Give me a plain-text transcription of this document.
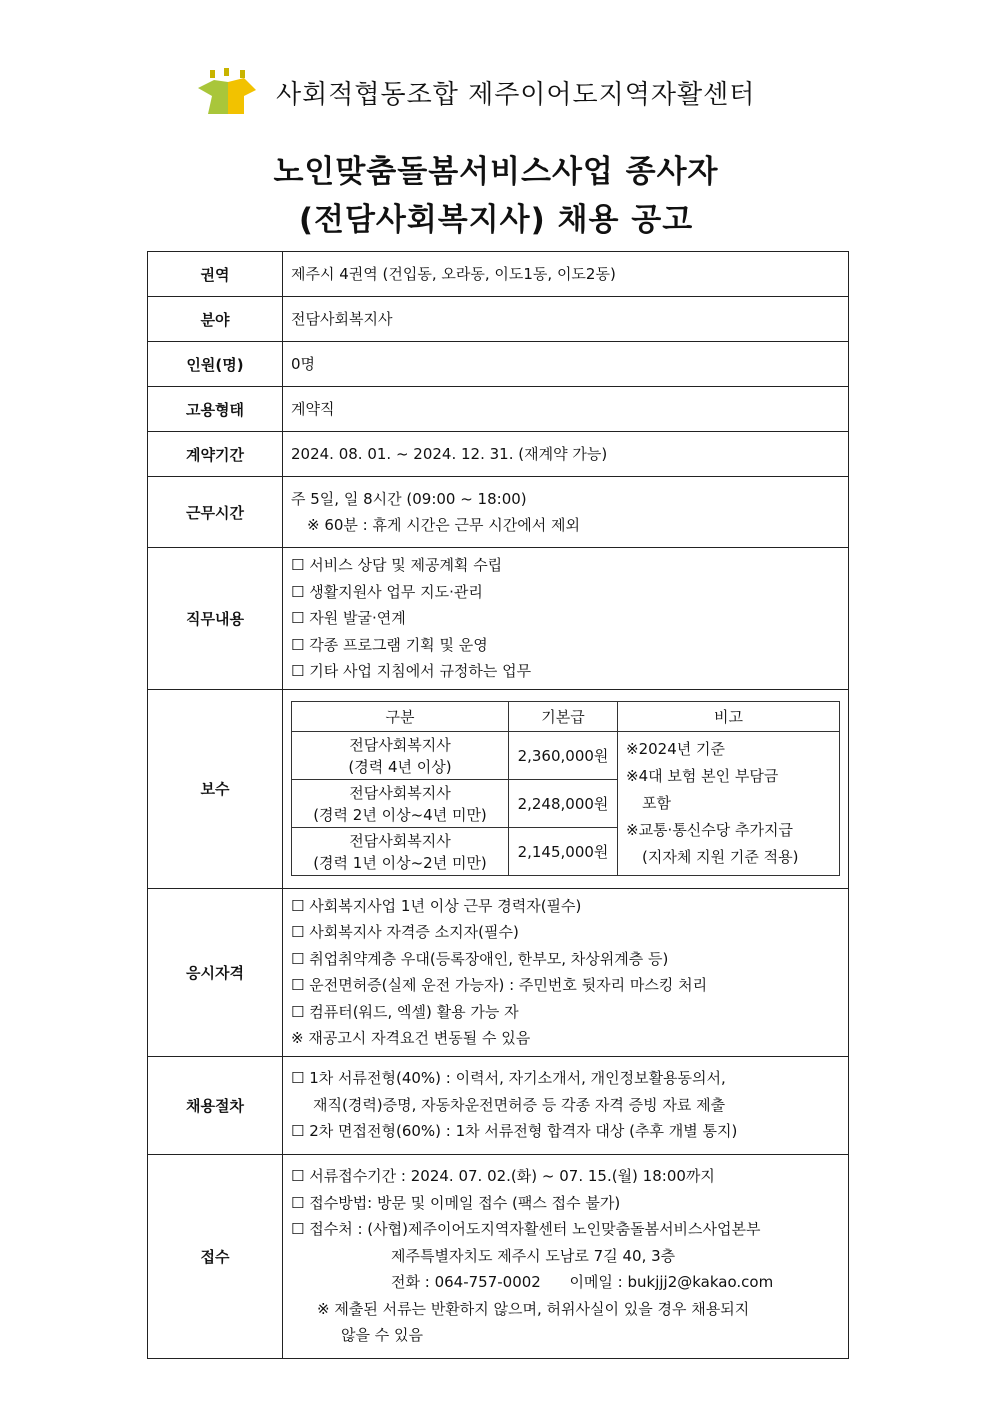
사회적협동조합 제주이어도지역자활센터
노인맞춤돌봄서비스사업 종사자
(전담사회복지사) 채용 공고
권역	제주시 4권역 (건입동, 오라동, 이도1동, 이도2동)
분야	전담사회복지사
인원(명)	0명
고용형태	계약직
계약기간	2024. 08. 01. ~ 2024. 12. 31. (재계약 가능)
근무시간	
주 5일, 일 8시간 (09:00 ~ 18:00)
※ 60분 : 휴게 시간은 근무 시간에서 제외

직무내용	
☐ 서비스 상담 및 제공계획 수립
☐ 생활지원사 업무 지도·관리
☐ 자원 발굴·연계
☐ 각종 프로그램 기획 및 운영
☐ 기타 사업 지침에서 규정하는 업무

보수	
구분	기본급	비고

전담사회복지사
(경력 4년 이상)
	2,360,000원	※2024년 기준
※4대 보험 본인 부담금
포함
※교통·통신수당 추가지급
(지자체 지원 기준 적용)

전담사회복지사
(경력 2년 이상~4년 미만)
	2,248,000원

전담사회복지사
(경력 1년 이상~2년 미만)
	2,145,000원

응시자격	
☐ 사회복지사업 1년 이상 근무 경력자(필수)
☐ 사회복지사 자격증 소지자(필수)
☐ 취업취약계층 우대(등록장애인, 한부모, 차상위계층 등)
☐ 운전면허증(실제 운전 가능자) : 주민번호 뒷자리 마스킹 처리
☐ 컴퓨터(워드, 엑셀) 활용 가능 자
※ 재공고시 자격요건 변동될 수 있음

채용절차	
☐ 1차 서류전형(40%) : 이력서, 자기소개서, 개인정보활용동의서,
재직(경력)증명, 자동차운전면허증 등 각종 자격 증빙 자료 제출
☐ 2차 면접전형(60%) : 1차 서류전형 합격자 대상 (추후 개별 통지)

접수	
☐ 서류접수기간 : 2024. 07. 02.(화) ~ 07. 15.(월) 18:00까지
☐ 접수방법: 방문 및 이메일 접수 (팩스 접수 불가)
☐ 접수처 : (사협)제주이어도지역자활센터 노인맞춤돌봄서비스사업본부
제주특별자치도 제주시 도남로 7길 40, 3층
전화 : 064-757-0002      이메일 : bukjjj2@kakao.com
※ 제출된 서류는 반환하지 않으며, 허위사실이 있을 경우 채용되지
않을 수 있음
